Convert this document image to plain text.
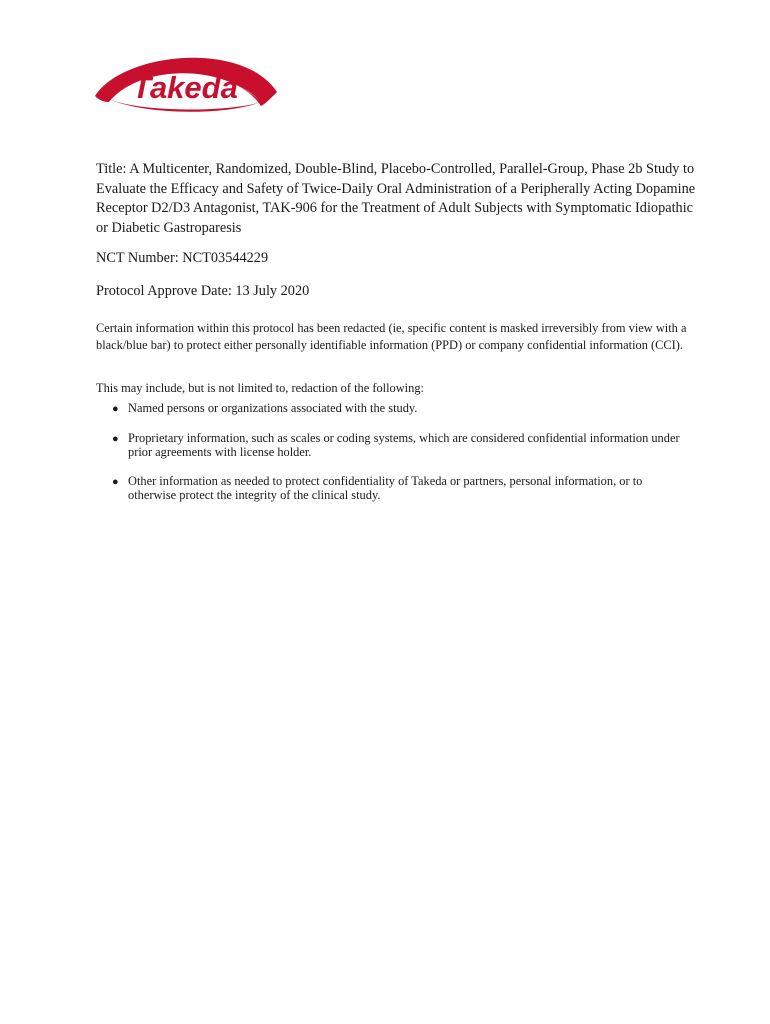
Takeda
Title: A Multicenter, Randomized, Double-Blind, Placebo-Controlled, Parallel-Group, Phase 2b Study to Evaluate the Efficacy and Safety of Twice-Daily Oral Administration of a Peripherally Acting Dopamine Receptor D2/D3 Antagonist, TAK-906 for the Treatment of Adult Subjects with Symptomatic Idiopathic or Diabetic Gastroparesis
NCT Number: NCT03544229
Protocol Approve Date: 13 July 2020
Certain information within this protocol has been redacted (ie, specific content is masked irreversibly from view with a black/blue bar) to protect either personally identifiable information (PPD) or company confidential information (CCI).
This may include, but is not limited to, redaction of the following:
● Named persons or organizations associated with the study.
● Proprietary information, such as scales or coding systems, which are considered confidential information under prior agreements with license holder.
● Other information as needed to protect confidentiality of Takeda or partners, personal information, or to otherwise protect the integrity of the clinical study.
